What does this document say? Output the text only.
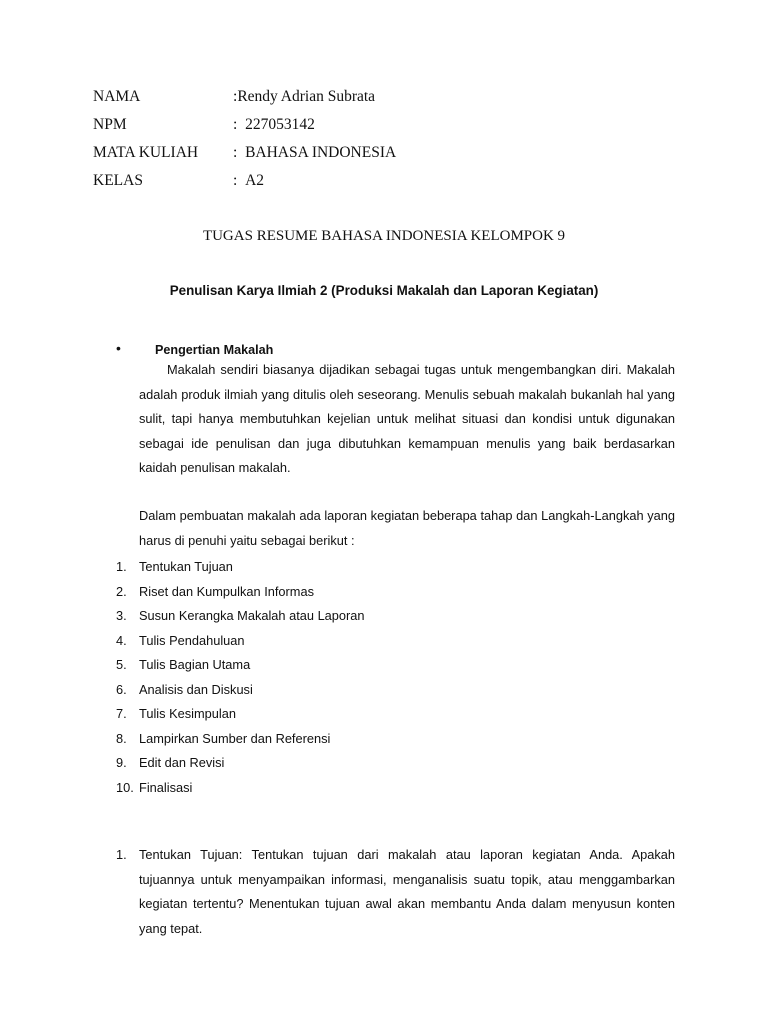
NAMA	:Rendy Adrian Subrata
NPM	:  227053142
MATA KULIAH :  BAHASA INDONESIA
KELAS	:  A2
TUGAS RESUME BAHASA INDONESIA KELOMPOK 9
Penulisan Karya Ilmiah 2 (Produksi Makalah dan Laporan Kegiatan)
•	Pengertian Makalah
Makalah sendiri biasanya dijadikan sebagai tugas untuk mengembangkan diri. Makalah adalah produk ilmiah yang ditulis oleh seseorang. Menulis sebuah makalah bukanlah hal yang sulit, tapi hanya membutuhkan kejelian untuk melihat situasi dan kondisi untuk digunakan sebagai ide penulisan dan juga dibutuhkan kemampuan menulis yang baik berdasarkan kaidah penulisan makalah.
Dalam pembuatan makalah ada laporan kegiatan beberapa tahap dan Langkah-Langkah yang harus di penuhi yaitu sebagai berikut :
1. Tentukan Tujuan
2. Riset dan Kumpulkan Informas
3. Susun Kerangka Makalah atau Laporan
4. Tulis Pendahuluan
5. Tulis Bagian Utama
6. Analisis dan Diskusi
7. Tulis Kesimpulan
8. Lampirkan Sumber dan Referensi
9. Edit dan Revisi
10. Finalisasi
1. Tentukan Tujuan: Tentukan tujuan dari makalah atau laporan kegiatan Anda. Apakah tujuannya untuk menyampaikan informasi, menganalisis suatu topik, atau menggambarkan kegiatan tertentu? Menentukan tujuan awal akan membantu Anda dalam menyusun konten yang tepat.
